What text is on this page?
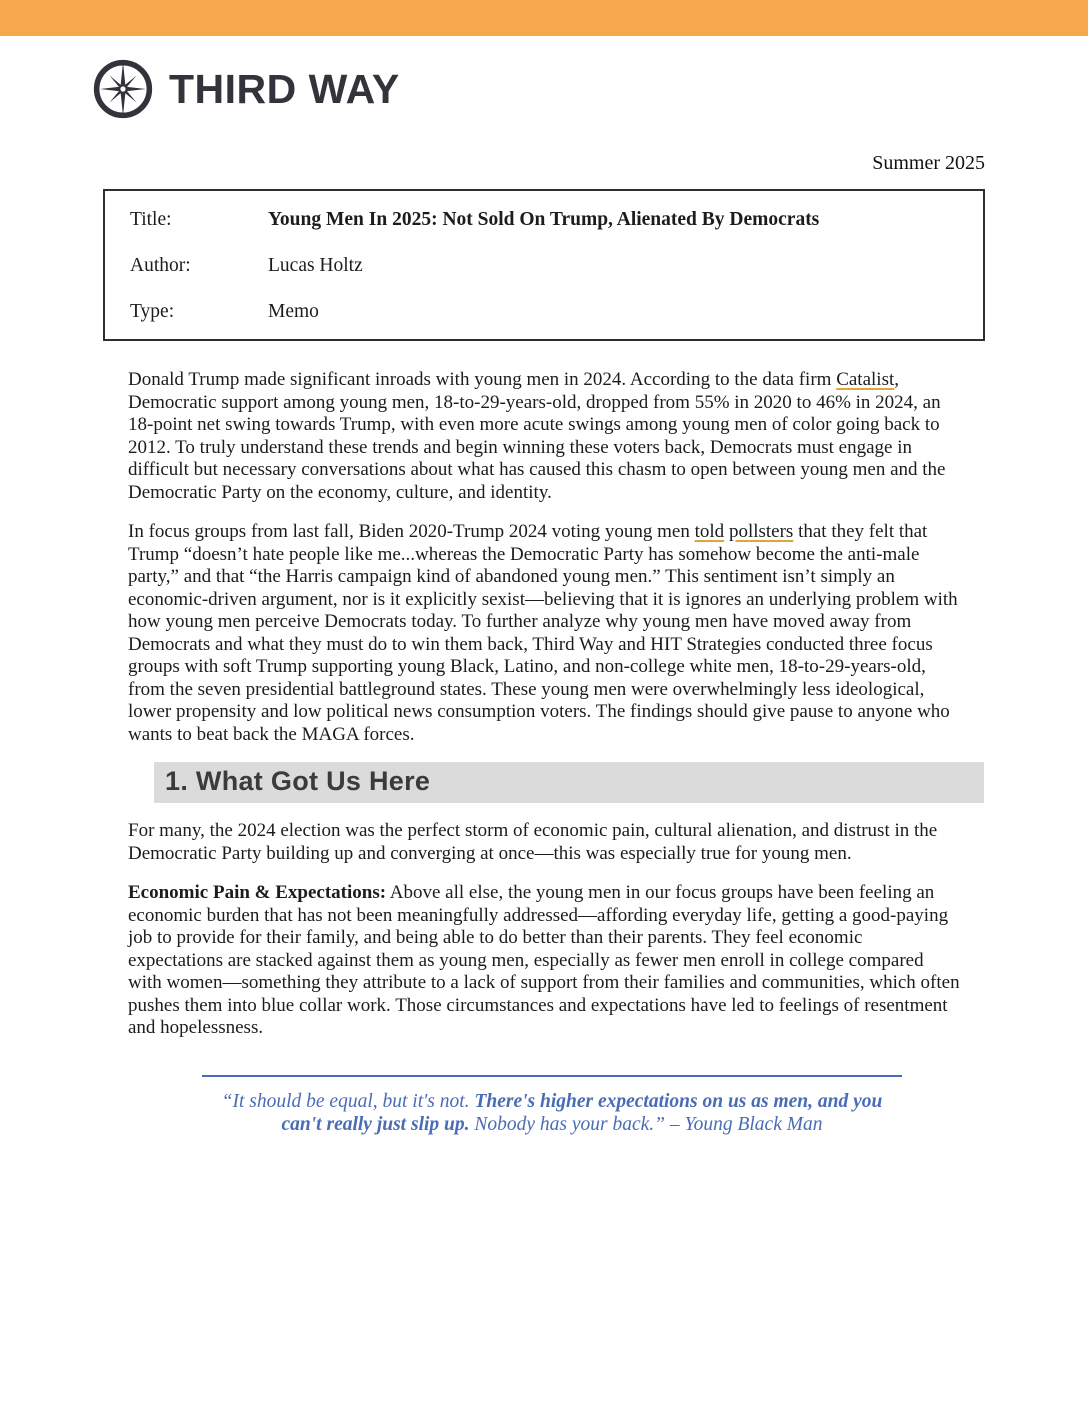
THIRD WAY
Summer 2025
Title:	Young Men In 2025: Not Sold On Trump, Alienated By Democrats
Author:	Lucas Holtz
Type:	Memo

Donald Trump made significant inroads with young men in 2024. According to the data firm Catalist, Democratic support among young men, 18-to-29-years-old, dropped from 55% in 2020 to 46% in 2024, an 18-point net swing towards Trump, with even more acute swings among young men of color going back to 2012. To truly understand these trends and begin winning these voters back, Democrats must engage in difficult but necessary conversations about what has caused this chasm to open between young men and the Democratic Party on the economy, culture, and identity.

In focus groups from last fall, Biden 2020-Trump 2024 voting young men told pollsters that they felt that Trump “doesn’t hate people like me...whereas the Democratic Party has somehow become the anti-male party,” and that “the Harris campaign kind of abandoned young men.” This sentiment isn’t simply an economic-driven argument, nor is it explicitly sexist—believing that it is ignores an underlying problem with how young men perceive Democrats today. To further analyze why young men have moved away from Democrats and what they must do to win them back, Third Way and HIT Strategies conducted three focus groups with soft Trump supporting young Black, Latino, and non-college white men, 18-to-29-years-old, from the seven presidential battleground states. These young men were overwhelmingly less ideological, lower propensity and low political news consumption voters. The findings should give pause to anyone who wants to beat back the MAGA forces.

1. What Got Us Here

For many, the 2024 election was the perfect storm of economic pain, cultural alienation, and distrust in the Democratic Party building up and converging at once—this was especially true for young men.

Economic Pain & Expectations: Above all else, the young men in our focus groups have been feeling an economic burden that has not been meaningfully addressed—affording everyday life, getting a good-paying job to provide for their family, and being able to do better than their parents. They feel economic expectations are stacked against them as young men, especially as fewer men enroll in college compared with women—something they attribute to a lack of support from their families and communities, which often pushes them into blue collar work. Those circumstances and expectations have led to feelings of resentment and hopelessness.

“It should be equal, but it's not. There's higher expectations on us as men, and you can't really just slip up. Nobody has your back.” – Young Black Man
